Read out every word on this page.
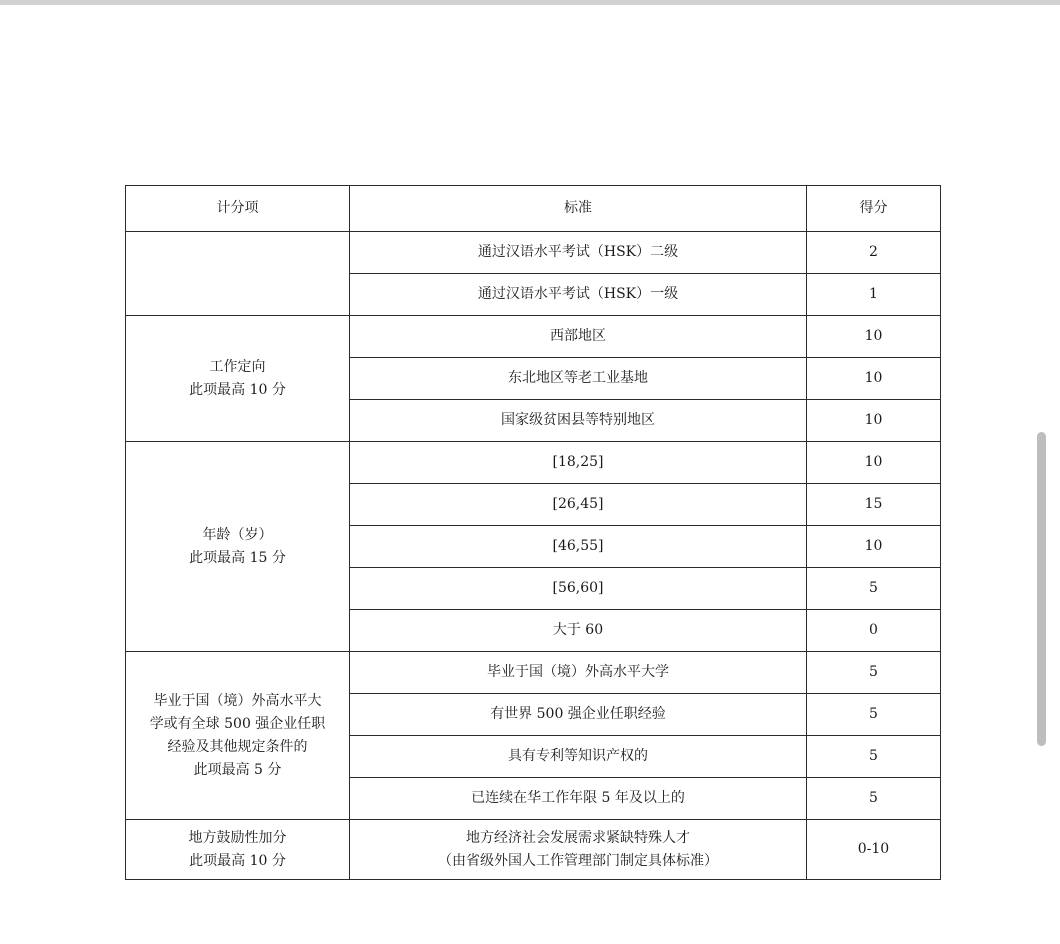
计分项	标准	得分

	通过汉语水平考试（HSK）二级	2

	通过汉语水平考试（HSK）一级	1

工作定向
此项最高 10 分	西部地区	10

	东北地区等老工业基地	10

	国家级贫困县等特别地区	10

年龄（岁）
此项最高 15 分	[18,25]	10

	[26,45]	15

	[46,55]	10

	[56,60]	5

	大于 60	0

毕业于国（境）外高水平大
学或有全球 500 强企业任职
经验及其他规定条件的
此项最高 5 分	毕业于国（境）外高水平大学	5

	有世界 500 强企业任职经验	5

	具有专利等知识产权的	5

	已连续在华工作年限 5 年及以上的	5

地方鼓励性加分
此项最高 10 分	地方经济社会发展需求紧缺特殊人才
（由省级外国人工作管理部门制定具体标准）	0-10
